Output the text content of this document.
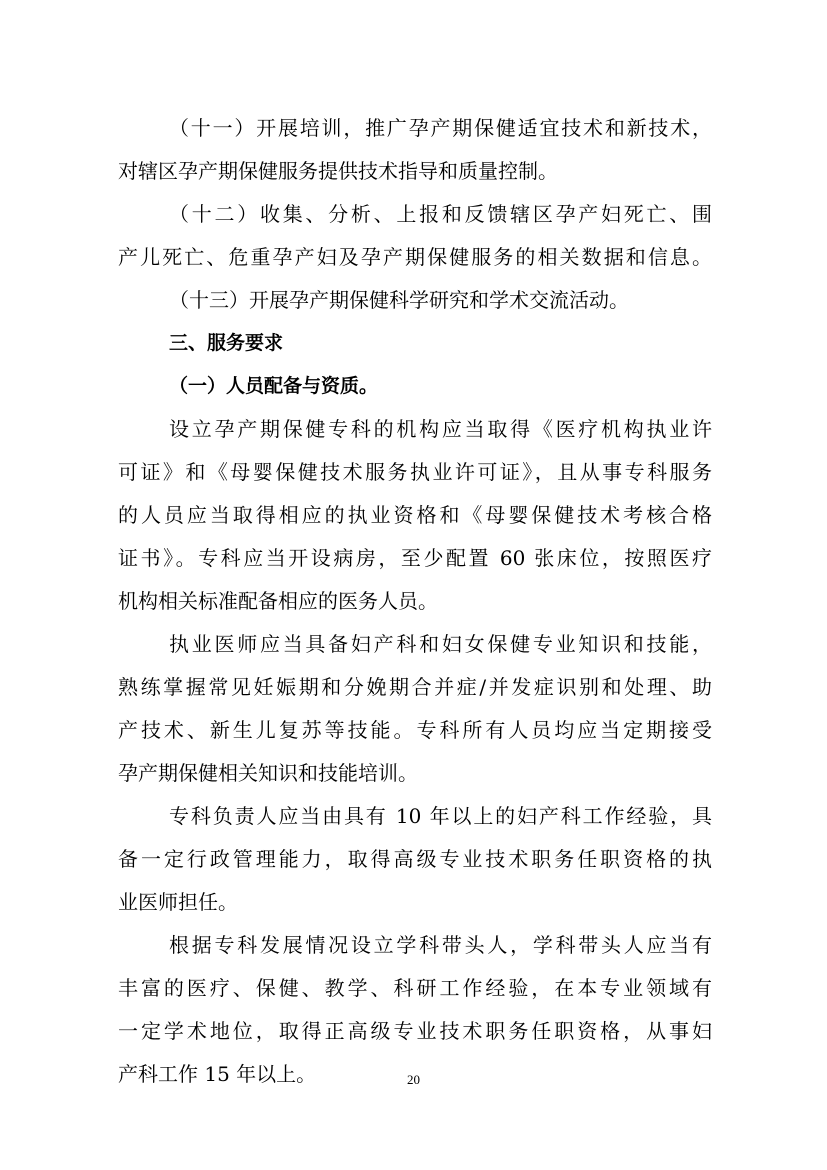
（十一）开展培训，推广孕产期保健适宜技术和新技术，
对辖区孕产期保健服务提供技术指导和质量控制。
（十二）收集、分析、上报和反馈辖区孕产妇死亡、围
产儿死亡、危重孕产妇及孕产期保健服务的相关数据和信息。
（十三）开展孕产期保健科学研究和学术交流活动。
三、服务要求
（一）人员配备与资质。
设立孕产期保健专科的机构应当取得《医疗机构执业许
可证》和《母婴保健技术服务执业许可证》，且从事专科服务
的人员应当取得相应的执业资格和《母婴保健技术考核合格
证书》。专科应当开设病房，至少配置 60 张床位，按照医疗
机构相关标准配备相应的医务人员。
执业医师应当具备妇产科和妇女保健专业知识和技能，
熟练掌握常见妊娠期和分娩期合并症/并发症识别和处理、助
产技术、新生儿复苏等技能。专科所有人员均应当定期接受
孕产期保健相关知识和技能培训。
专科负责人应当由具有 10 年以上的妇产科工作经验，具
备一定行政管理能力，取得高级专业技术职务任职资格的执
业医师担任。
根据专科发展情况设立学科带头人，学科带头人应当有
丰富的医疗、保健、教学、科研工作经验，在本专业领域有
一定学术地位，取得正高级专业技术职务任职资格，从事妇
产科工作 15 年以上。	20
